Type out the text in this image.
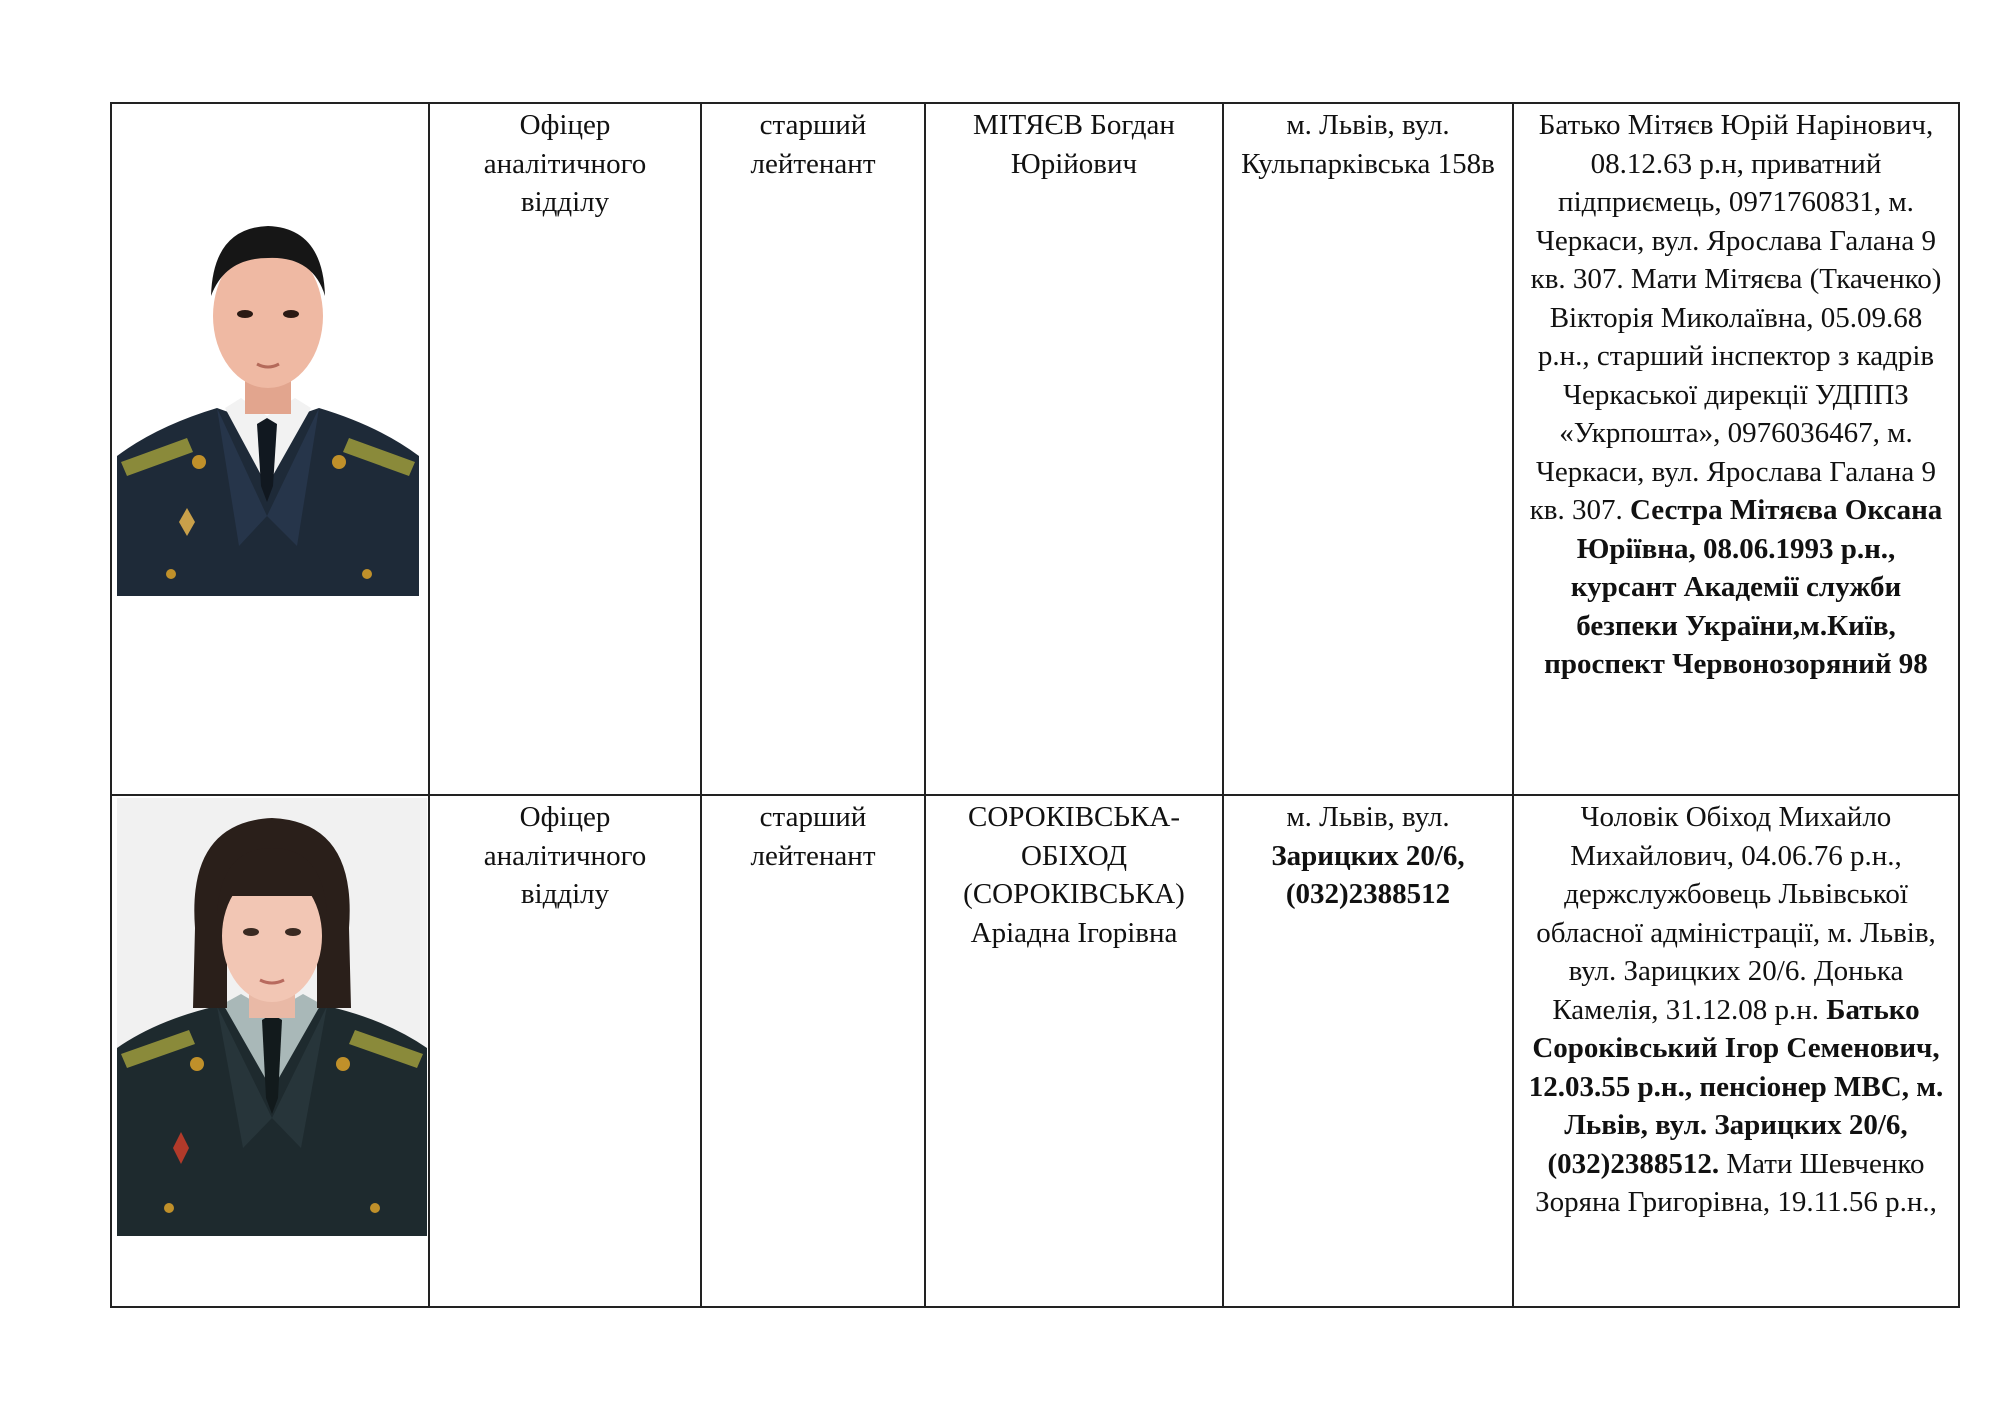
	Офіцер аналітичного відділу	старший лейтенант	МІТЯЄВ Богдан Юрійович	м. Львів, вул. Кульпарківська 158в	Батько Мітяєв Юрій Нарінович, 08.12.63 р.н, приватний підприємець, 0971760831, м. Черкаси, вул. Ярослава Галана 9 кв. 307. Мати Мітяєва (Ткаченко) Вікторія Миколаївна, 05.09.68 р.н., старший інспектор з кадрів Черкаської дирекції УДППЗ «Укрпошта», 0976036467, м. Черкаси, вул. Ярослава Галана 9 кв. 307. Сестра Мітяєва Оксана Юріївна, 08.06.1993 р.н., курсант Академії служби безпеки України,м.Київ, проспект Червонозоряний 98

	Офіцер аналітичного відділу	старший лейтенант	СОРОКІВСЬКА-ОБІХОД (СОРОКІВСЬКА) Аріадна Ігорівна	м. Львів, вул. Зарицких 20/6, (032)2388512	Чоловік Обіход Михайло Михайлович, 04.06.76 р.н., держслужбовець Львівської обласної адміністрації, м. Львів, вул. Зарицких 20/6. Донька Камелія, 31.12.08 р.н. Батько Сороківський Ігор Семенович, 12.03.55 р.н., пенсіонер МВС, м. Львів, вул. Зарицких 20/6, (032)2388512. Мати Шевченко Зоряна Григорівна, 19.11.56 р.н.,
